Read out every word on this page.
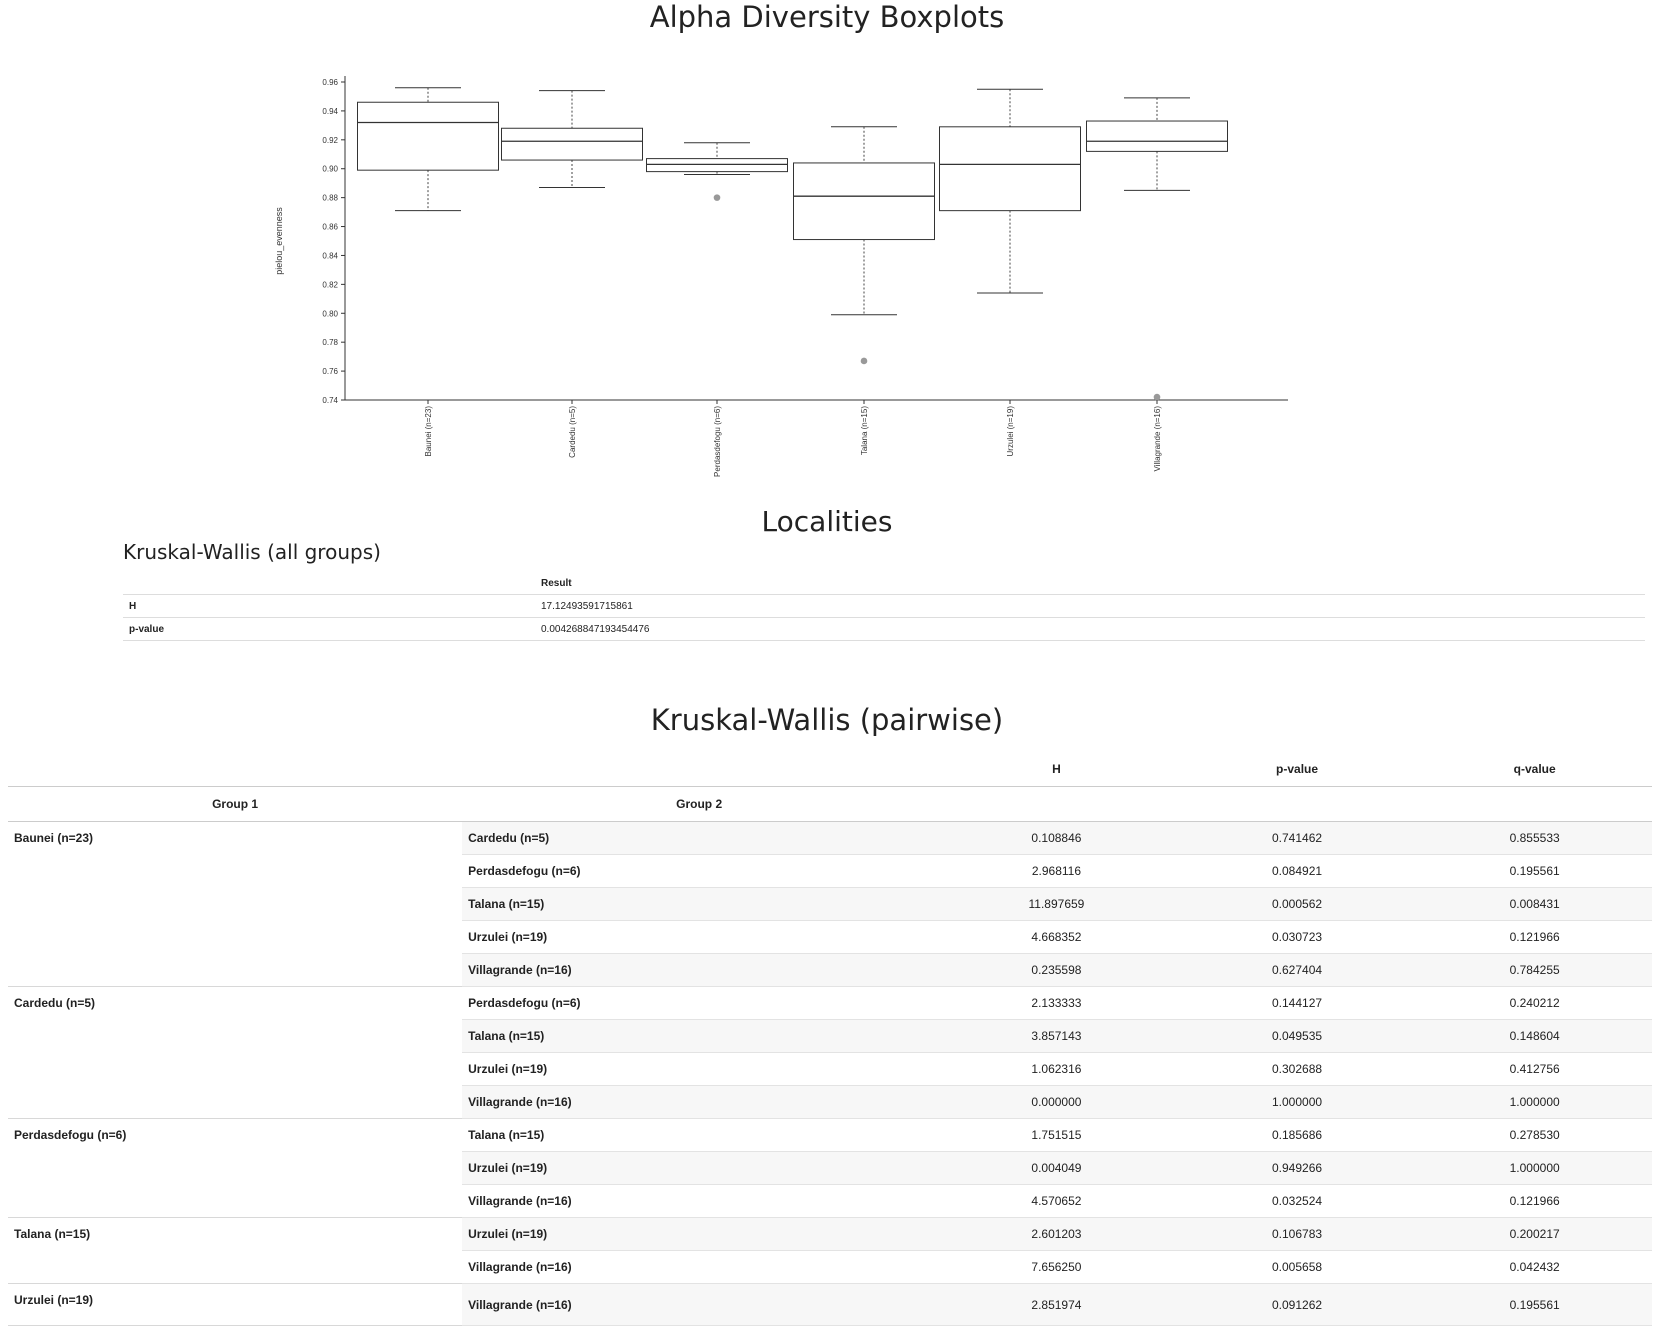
Alpha Diversity Boxplots
0.74
0.76
0.78
0.80
0.82
0.84
0.86
0.88
0.90
0.92
0.94
0.96
pielou_evenness
Baunei (n=23)	Cardedu (n=5)	Perdasdefogu (n=6)	Talana (n=15)	Urzulei (n=19)	Villagrande (n=16)
Localities
Kruskal-Wallis (all groups)
	Result
H	17.12493591715861
p-value	0.004268847193454476
Kruskal-Wallis (pairwise)
		H	p-value	q-value
Group 1	Group 2			
Baunei (n=23)	Cardedu (n=5)	0.108846	0.741462	0.855533
	Perdasdefogu (n=6)	2.968116	0.084921	0.195561
	Talana (n=15)	11.897659	0.000562	0.008431
	Urzulei (n=19)	4.668352	0.030723	0.121966
	Villagrande (n=16)	0.235598	0.627404	0.784255
Cardedu (n=5)	Perdasdefogu (n=6)	2.133333	0.144127	0.240212
	Talana (n=15)	3.857143	0.049535	0.148604
	Urzulei (n=19)	1.062316	0.302688	0.412756
	Villagrande (n=16)	0.000000	1.000000	1.000000
Perdasdefogu (n=6)	Talana (n=15)	1.751515	0.185686	0.278530
	Urzulei (n=19)	0.004049	0.949266	1.000000
	Villagrande (n=16)	4.570652	0.032524	0.121966
Talana (n=15)	Urzulei (n=19)	2.601203	0.106783	0.200217
	Villagrande (n=16)	7.656250	0.005658	0.042432
Urzulei (n=19)	Villagrande (n=16)	2.851974	0.091262	0.195561
